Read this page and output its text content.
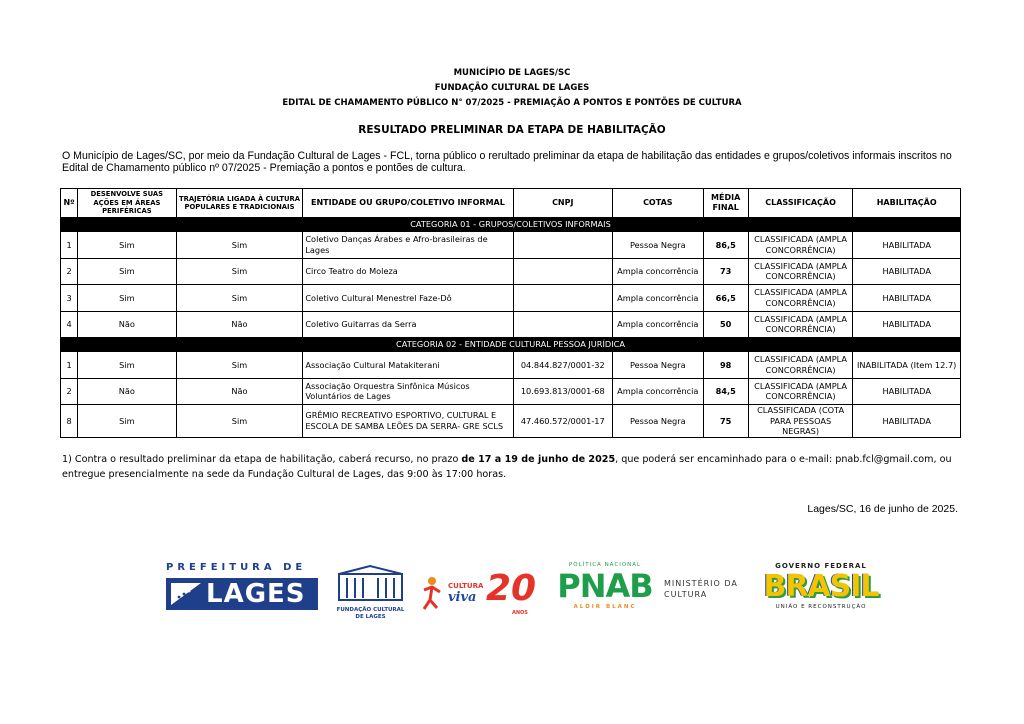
MUNICÍPIO DE LAGES/SC
FUNDAÇÃO CULTURAL DE LAGES
EDITAL DE CHAMAMENTO PÚBLICO N° 07/2025 - PREMIAÇÃO A PONTOS E PONTÕES DE CULTURA
RESULTADO PRELIMINAR DA ETAPA DE HABILITAÇÃO
O Município de Lages/SC, por meio da Fundação Cultural de Lages - FCL, torna público o rerultado preliminar da etapa de habilitação das entidades e grupos/coletivos informais inscritos no Edital de Chamamento público nº 07/2025 - Premiação a pontos e pontões de cultura.
Nº	DESENVOLVE SUAS AÇÕES EM ÁREAS PERIFÉRICAS	TRAJETÓRIA LIGADA À CULTURA POPULARES E TRADICIONAIS	ENTIDADE OU GRUPO/COLETIVO INFORMAL	CNPJ	COTAS	MÉDIA FINAL	CLASSIFICAÇÃO	HABILITAÇÃO
CATEGORIA 01 - GRUPOS/COLETIVOS INFORMAIS								
1	Sim	Sim	Coletivo Danças Árabes e Afro-brasileiras de Lages		Pessoa Negra	86,5	CLASSIFICADA (AMPLA CONCORRÊNCIA)	HABILITADA
2	Sim	Sim	Circo Teatro do Moleza		Ampla concorrência	73	CLASSIFICADA (AMPLA CONCORRÊNCIA)	HABILITADA
3	Sim	Sim	Coletivo Cultural Menestrel Faze-Dô		Ampla concorrência	66,5	CLASSIFICADA (AMPLA CONCORRÊNCIA)	HABILITADA
4	Não	Não	Coletivo Guitarras da Serra		Ampla concorrência	50	CLASSIFICADA (AMPLA CONCORRÊNCIA)	HABILITADA
CATEGORIA 02 - ENTIDADE CULTURAL PESSOA JURÍDICA								
1	Sim	Sim	Associação Cultural Matakiterani	04.844.827/0001-32	Pessoa Negra	98	CLASSIFICADA (AMPLA CONCORRÊNCIA)	INABILITADA (Item 12.7)
2	Não	Não	Associação Orquestra Sinfônica Músicos Voluntários de Lages	10.693.813/0001-68	Ampla concorrência	84,5	CLASSIFICADA (AMPLA CONCORRÊNCIA)	HABILITADA
8	Sim	Sim	GRÊMIO RECREATIVO ESPORTIVO, CULTURAL E ESCOLA DE SAMBA LEÕES DA SERRA- GRE SCLS	47.460.572/0001-17	Pessoa Negra	75	CLASSIFICADA (COTA PARA PESSOAS NEGRAS)	HABILITADA
1) Contra o resultado preliminar da etapa de habilitação, caberá recurso, no prazo de 17 a 19 de junho de 2025, que poderá ser encaminhado para o e-mail: pnab.fcl@gmail.com, ou entregue presencialmente na sede da Fundação Cultural de Lages, das 9:00 às 17:00 horas.
Lages/SC, 16 de junho de 2025.
PREFEITURA DE
LAGES
FUNDAÇÃO CULTURAL
DE LAGES
CULTURA
viva 20
ANOS
POLÍTICA NACIONAL
PNAB
ALDIR BLANC
MINISTÉRIO DA
CULTURA
GOVERNO FEDERAL
BRASIL
UNIÃO E RECONSTRUÇÃO
